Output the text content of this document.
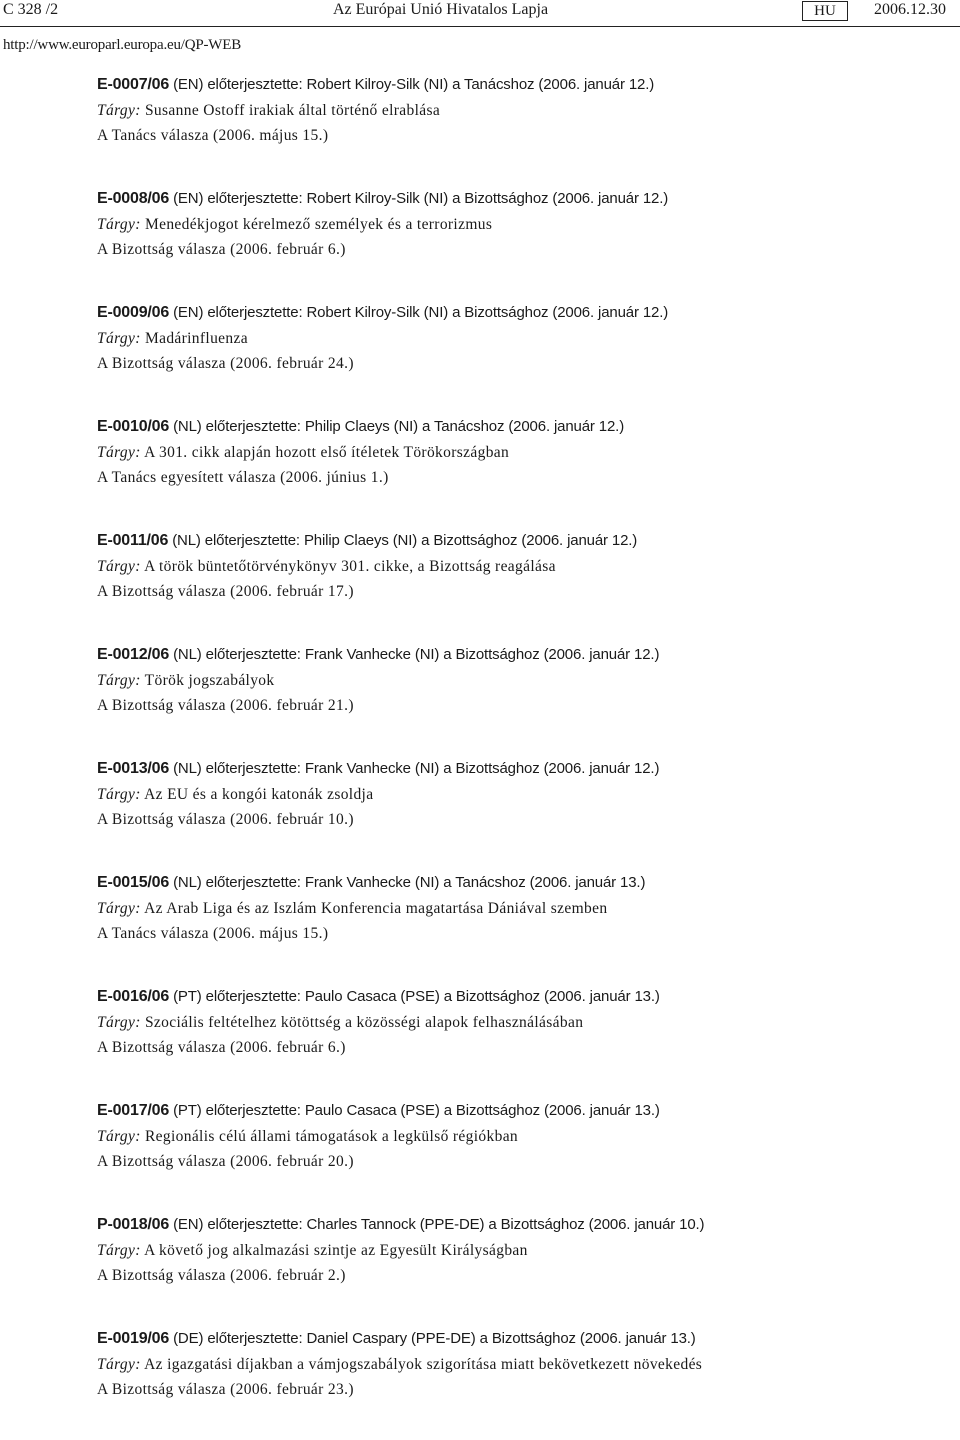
C 328 /2	Az Európai Unió Hivatalos Lapja	HU	2006.12.30
http://www.europarl.europa.eu/QP-WEB
E-0007/06 (EN) előterjesztette: Robert Kilroy-Silk (NI) a Tanácshoz (2006. január 12.)
Tárgy: Susanne Ostoff irakiak által történő elrablása
A Tanács válasza (2006. május 15.)
E-0008/06 (EN) előterjesztette: Robert Kilroy-Silk (NI) a Bizottsághoz (2006. január 12.)
Tárgy: Menedékjogot kérelmező személyek és a terrorizmus
A Bizottság válasza (2006. február 6.)
E-0009/06 (EN) előterjesztette: Robert Kilroy-Silk (NI) a Bizottsághoz (2006. január 12.)
Tárgy: Madárinfluenza
A Bizottság válasza (2006. február 24.)
E-0010/06 (NL) előterjesztette: Philip Claeys (NI) a Tanácshoz (2006. január 12.)
Tárgy: A 301. cikk alapján hozott első ítéletek Törökországban
A Tanács egyesített válasza (2006. június 1.)
E-0011/06 (NL) előterjesztette: Philip Claeys (NI) a Bizottsághoz (2006. január 12.)
Tárgy: A török büntetőtörvénykönyv 301. cikke, a Bizottság reagálása
A Bizottság válasza (2006. február 17.)
E-0012/06 (NL) előterjesztette: Frank Vanhecke (NI) a Bizottsághoz (2006. január 12.)
Tárgy: Török jogszabályok
A Bizottság válasza (2006. február 21.)
E-0013/06 (NL) előterjesztette: Frank Vanhecke (NI) a Bizottsághoz (2006. január 12.)
Tárgy: Az EU és a kongói katonák zsoldja
A Bizottság válasza (2006. február 10.)
E-0015/06 (NL) előterjesztette: Frank Vanhecke (NI) a Tanácshoz (2006. január 13.)
Tárgy: Az Arab Liga és az Iszlám Konferencia magatartása Dániával szemben
A Tanács válasza (2006. május 15.)
E-0016/06 (PT) előterjesztette: Paulo Casaca (PSE) a Bizottsághoz (2006. január 13.)
Tárgy: Szociális feltételhez kötöttség a közösségi alapok felhasználásában
A Bizottság válasza (2006. február 6.)
E-0017/06 (PT) előterjesztette: Paulo Casaca (PSE) a Bizottsághoz (2006. január 13.)
Tárgy: Regionális célú állami támogatások a legkülső régiókban
A Bizottság válasza (2006. február 20.)
P-0018/06 (EN) előterjesztette: Charles Tannock (PPE-DE) a Bizottsághoz (2006. január 10.)
Tárgy: A követő jog alkalmazási szintje az Egyesült Királyságban
A Bizottság válasza (2006. február 2.)
E-0019/06 (DE) előterjesztette: Daniel Caspary (PPE-DE) a Bizottsághoz (2006. január 13.)
Tárgy: Az igazgatási díjakban a vámjogszabályok szigorítása miatt bekövetkezett növekedés
A Bizottság válasza (2006. február 23.)
